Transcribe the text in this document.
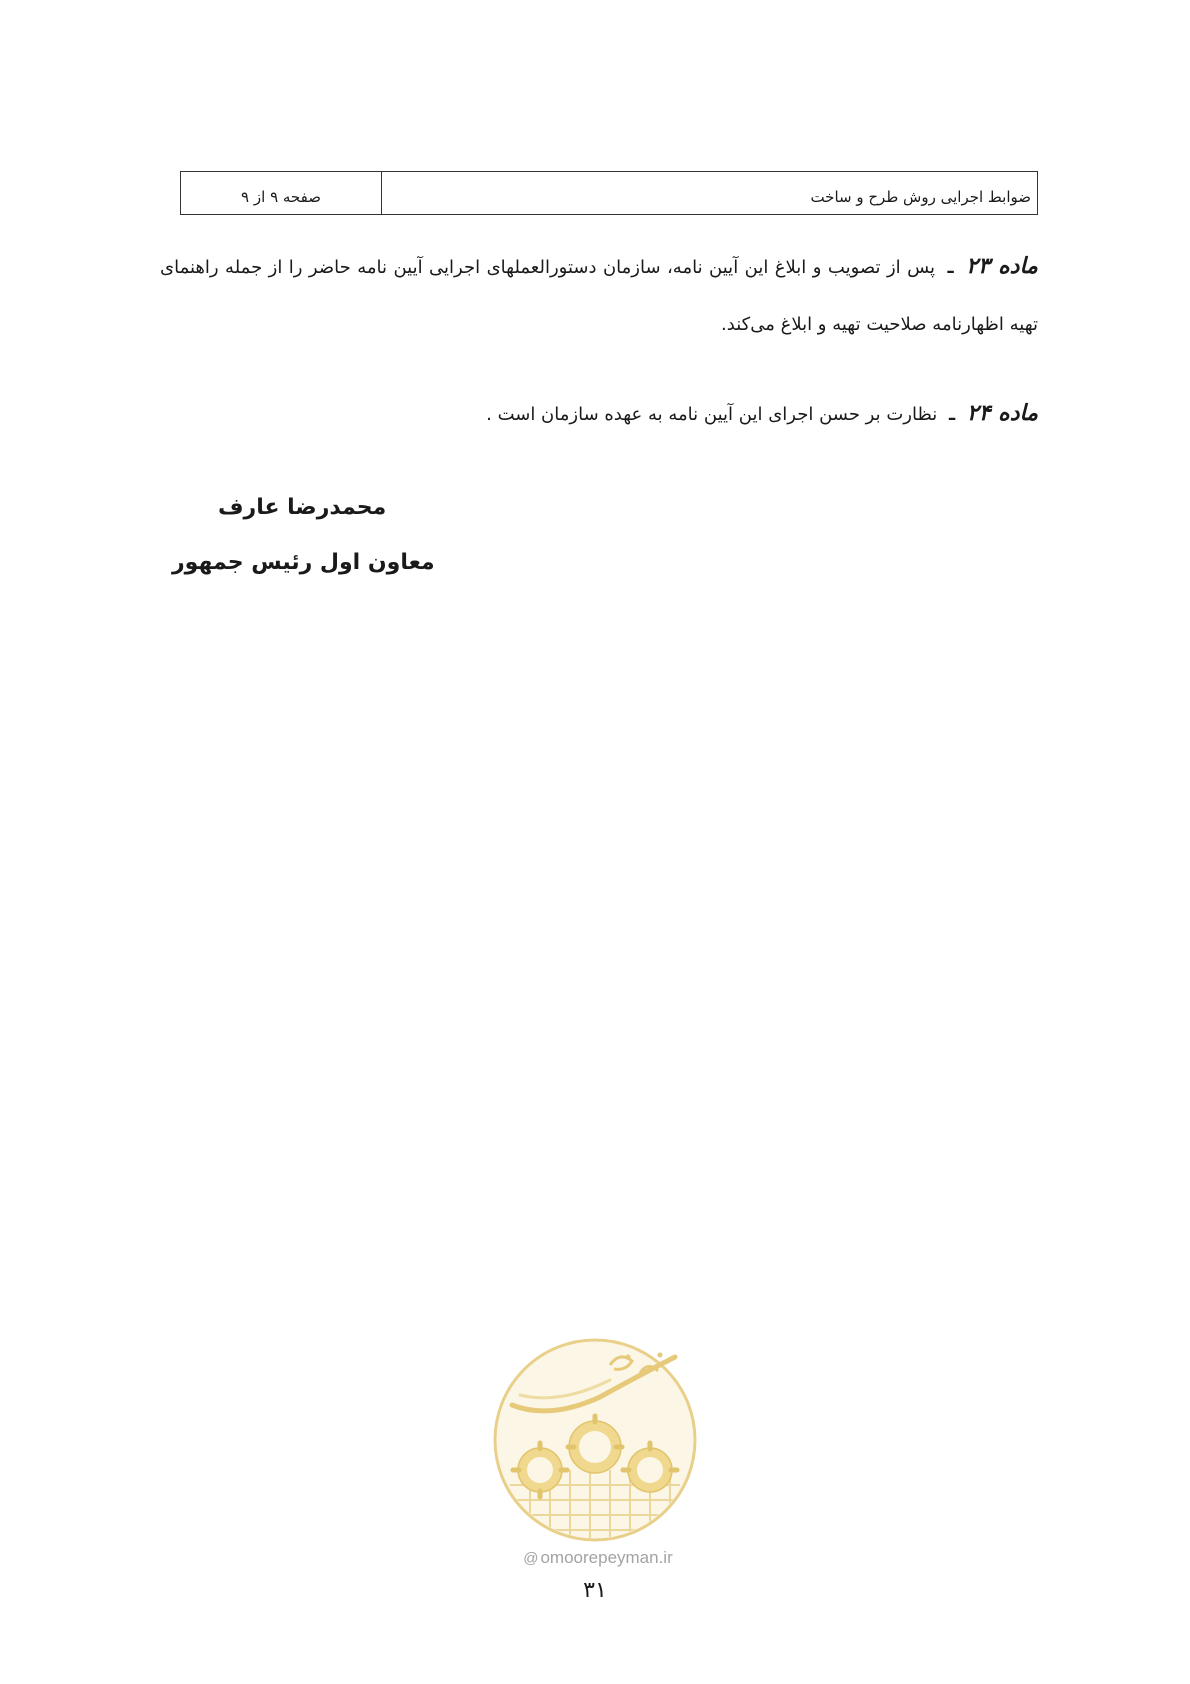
ضوابط اجرایی روش طرح و ساخت
صفحه ۹ از ۹
ماده ۲۳ ـ پس از تصویب و ابلاغ این آیین نامه، سازمان دستورالعملهای اجرایی آیین نامه حاضر را از جمله راهنمای تهیه اظهارنامه صلاحیت تهیه و ابلاغ می‌کند.
ماده ۲۴ ـ نظارت بر حسن اجرای این آیین نامه به عهده سازمان است .
محمدرضا عارف
معاون اول رئیس جمهور
@ omoorepeyman.ir
۳۱
